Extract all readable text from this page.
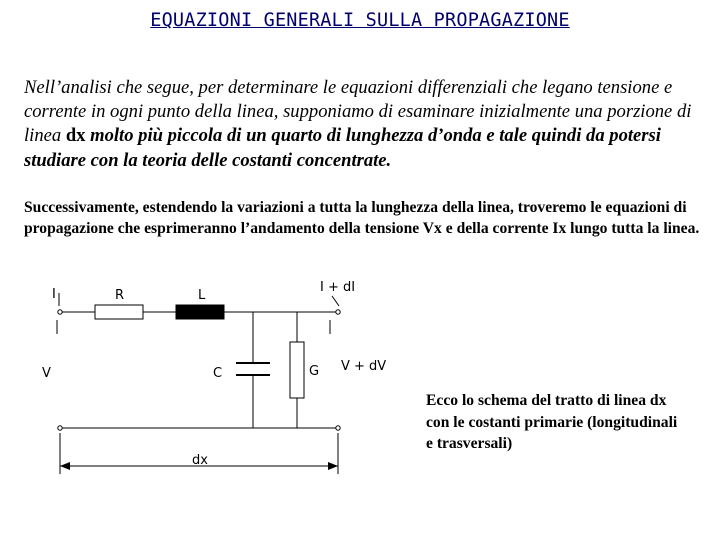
EQUAZIONI GENERALI SULLA PROPAGAZIONE

Nell’analisi che segue, per determinare le equazioni differenziali che legano tensione e corrente in ogni punto della linea, supponiamo di esaminare inizialmente una porzione di linea dx molto più piccola di un quarto di lunghezza d’onda e tale quindi da potersi studiare con la teoria delle costanti concentrate.

Successivamente, estendendo la variazioni a tutta la lunghezza della linea, troveremo le equazioni di propagazione che esprimeranno l’andamento della tensione Vx e della corrente Ix lungo tutta la linea.

I	R	L
I + dI
V	C	G V + dV
dx

Ecco lo schema del tratto di linea dx con le costanti primarie (longitudinali e trasversali)
